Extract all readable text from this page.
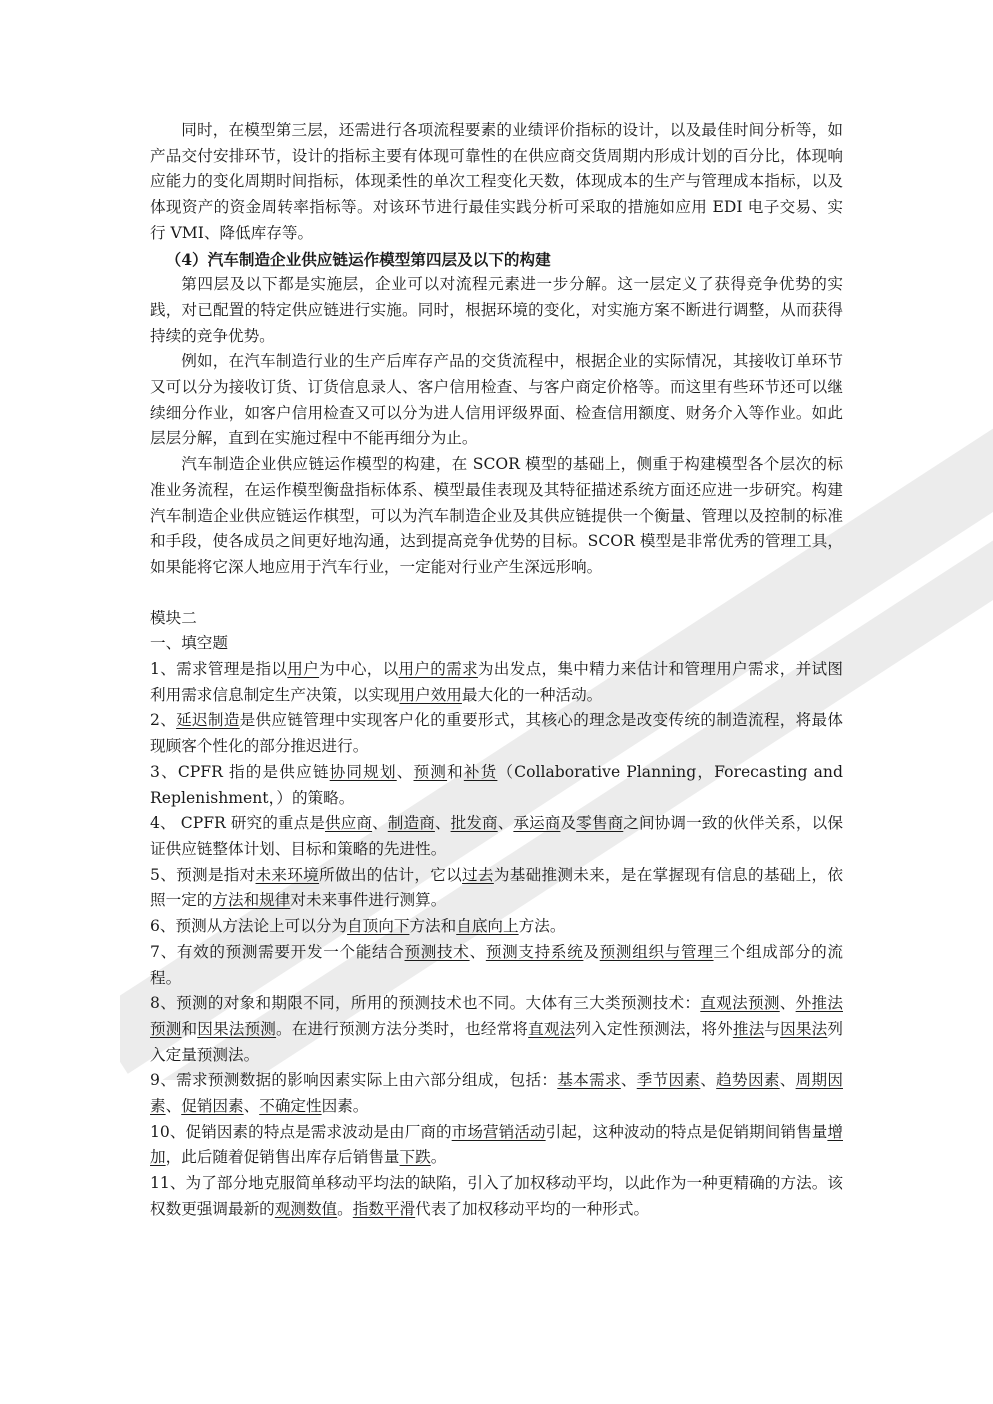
同时，在模型第三层，还需进行各项流程要素的业绩评价指标的设计，以及最佳时间分析等，如产品交付安排环节，设计的指标主要有体现可靠性的在供应商交货周期内形成计划的百分比，体现响应能力的变化周期时间指标，体现柔性的单次工程变化天数，体现成本的生产与管理成本指标，以及体现资产的资金周转率指标等。对该环节进行最佳实践分析可采取的措施如应用 EDI 电子交易、实行 VMI、降低库存等。

（4）汽车制造企业供应链运作模型第四层及以下的构建

第四层及以下都是实施层，企业可以对流程元素进一步分解。这一层定义了获得竞争优势的实践，对已配置的特定供应链进行实施。同时，根据环境的变化，对实施方案不断进行调整，从而获得持续的竞争优势。

例如，在汽车制造行业的生产后库存产品的交货流程中，根据企业的实际情况，其接收订单环节又可以分为接收订货、订货信息录人、客户信用检查、与客户商定价格等。而这里有些环节还可以继续细分作业，如客户信用检查又可以分为进人信用评级界面、检查信用额度、财务介入等作业。如此层层分解，直到在实施过程中不能再细分为止。

汽车制造企业供应链运作模型的构建，在 SCOR 模型的基础上，侧重于构建模型各个层次的标准业务流程，在运作模型衡盘指标体系、模型最佳表现及其特征描述系统方面还应进一步研究。构建汽车制造企业供应链运作棋型，可以为汽车制造企业及其供应链提供一个衡量、管理以及控制的标准和手段，使各成员之间更好地沟通，达到提高竞争优势的目标。SCOR 模型是非常优秀的管理工具，如果能将它深人地应用于汽车行业，一定能对行业产生深远形响。

模块二

一、填空题

1、需求管理是指以用户为中心，以用户的需求为出发点，集中精力来估计和管理用户需求，并试图利用需求信息制定生产决策，以实现用户效用最大化的一种活动。

2、延迟制造是供应链管理中实现客户化的重要形式，其核心的理念是改变传统的制造流程，将最体现顾客个性化的部分推迟进行。

3、CPFR 指的是供应链协同规划、预测和补货（Collaborative Planning，Forecasting and Replenishment，）的策略。

4、 CPFR 研究的重点是供应商、制造商、批发商、承运商及零售商之间协调一致的伙伴关系，以保证供应链整体计划、目标和策略的先进性。

5、预测是指对未来环境所做出的估计，它以过去为基础推测未来，是在掌握现有信息的基础上，依照一定的方法和规律对未来事件进行测算。

6、预测从方法论上可以分为自顶向下方法和自底向上方法。

7、有效的预测需要开发一个能结合预测技术、预测支持系统及预测组织与管理三个组成部分的流程。

8、预测的对象和期限不同，所用的预测技术也不同。大体有三大类预测技术：直观法预测、外推法预测和因果法预测。在进行预测方法分类时，也经常将直观法列入定性预测法，将外推法与因果法列入定量预测法。

9、需求预测数据的影响因素实际上由六部分组成，包括：基本需求、季节因素、趋势因素、周期因素、促销因素、不确定性因素。

10、促销因素的特点是需求波动是由厂商的市场营销活动引起，这种波动的特点是促销期间销售量增加，此后随着促销售出库存后销售量下跌。

11、为了部分地克服简单移动平均法的缺陷，引入了加权移动平均，以此作为一种更精确的方法。该权数更强调最新的观测数值。指数平滑代表了加权移动平均的一种形式。
